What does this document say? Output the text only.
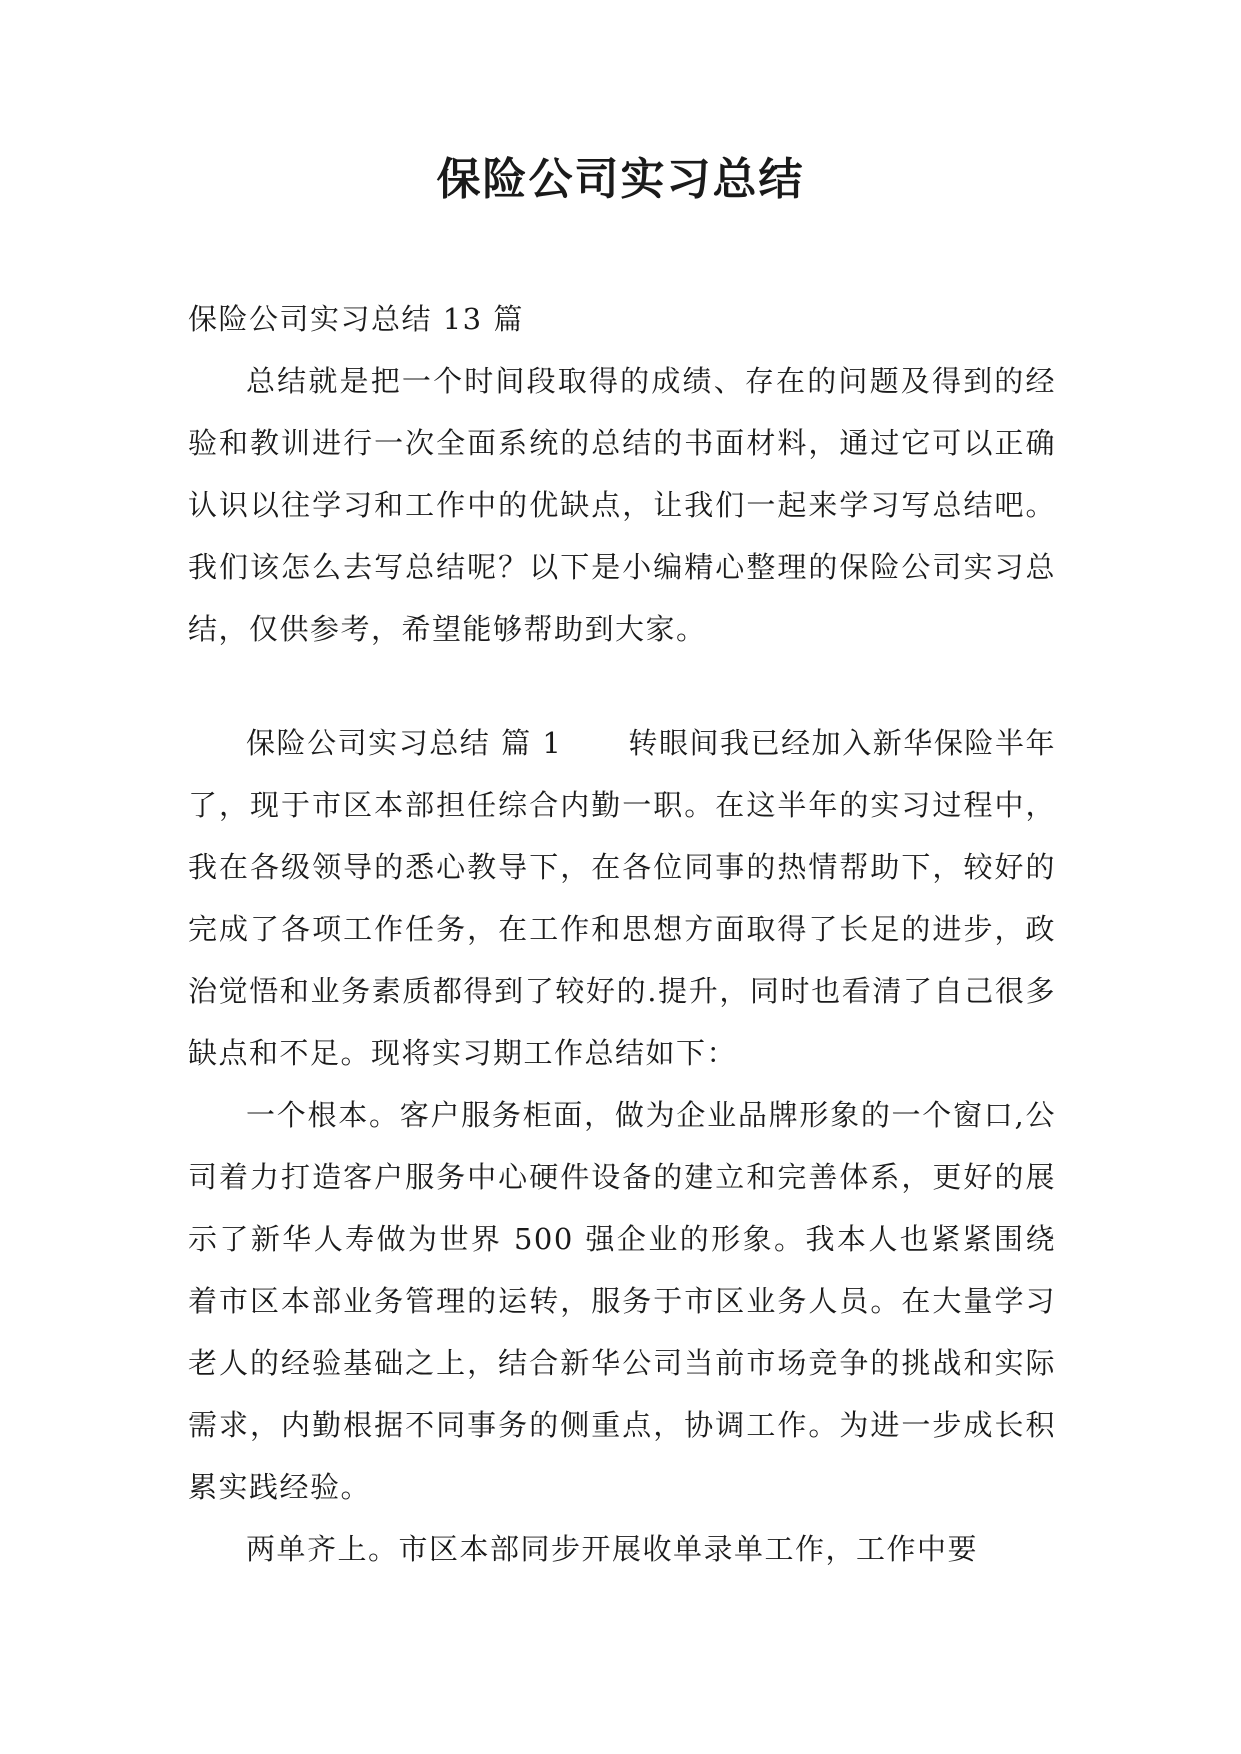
保险公司实习总结

保险公司实习总结 13 篇

总结就是把一个时间段取得的成绩、存在的问题及得到的经验和教训进行一次全面系统的总结的书面材料，通过它可以正确认识以往学习和工作中的优缺点，让我们一起来学习写总结吧。我们该怎么去写总结呢？以下是小编精心整理的保险公司实习总结，仅供参考，希望能够帮助到大家。

保险公司实习总结 篇 1 转眼间我已经加入新华保险半年了，现于市区本部担任综合内勤一职。在这半年的实习过程中，我在各级领导的悉心教导下，在各位同事的热情帮助下，较好的完成了各项工作任务，在工作和思想方面取得了长足的进步，政治觉悟和业务素质都得到了较好的.提升，同时也看清了自己很多缺点和不足。现将实习期工作总结如下：

一个根本。客户服务柜面，做为企业品牌形象的一个窗口,公司着力打造客户服务中心硬件设备的建立和完善体系，更好的展示了新华人寿做为世界 500 强企业的形象。我本人也紧紧围绕着市区本部业务管理的运转，服务于市区业务人员。在大量学习老人的经验基础之上，结合新华公司当前市场竞争的挑战和实际需求，内勤根据不同事务的侧重点，协调工作。为进一步成长积累实践经验。

两单齐上。市区本部同步开展收单录单工作，工作中要
